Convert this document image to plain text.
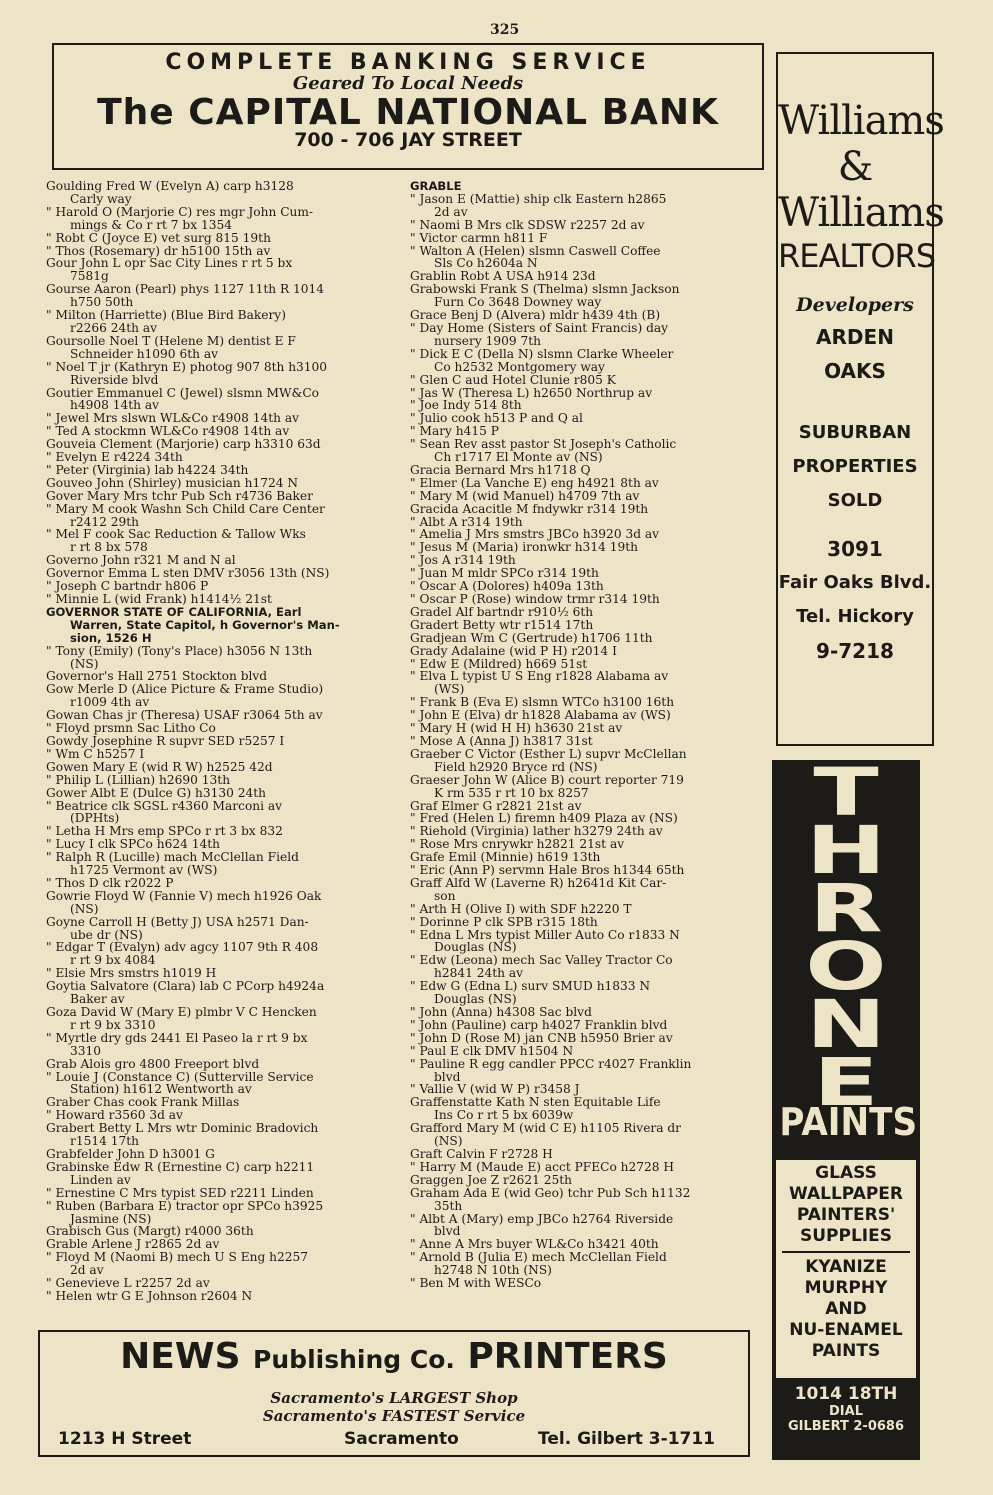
325
COMPLETE BANKING SERVICE
Geared To Local Needs
The CAPITAL NATIONAL BANK
700 - 706 JAY STREET
Goulding Fred W (Evelyn A) carp h3128
Carly way
" Harold O (Marjorie C) res mgr John Cum-
mings & Co r rt 7 bx 1354
" Robt C (Joyce E) vet surg 815 19th
" Thos (Rosemary) dr h5100 15th av
Gour John L opr Sac City Lines r rt 5 bx
7581g
Gourse Aaron (Pearl) phys 1127 11th R 1014
h750 50th
" Milton (Harriette) (Blue Bird Bakery)
r2266 24th av
Goursolle Noel T (Helene M) dentist E F
Schneider h1090 6th av
" Noel T jr (Kathryn E) photog 907 8th h3100
Riverside blvd
Goutier Emmanuel C (Jewel) slsmn MW&Co
h4908 14th av
" Jewel Mrs slswn WL&Co r4908 14th av
" Ted A stockmn WL&Co r4908 14th av
Gouveia Clement (Marjorie) carp h3310 63d
" Evelyn E r4224 34th
" Peter (Virginia) lab h4224 34th
Gouveo John (Shirley) musician h1724 N
Gover Mary Mrs tchr Pub Sch r4736 Baker
" Mary M cook Washn Sch Child Care Center
r2412 29th
" Mel F cook Sac Reduction & Tallow Wks
r rt 8 bx 578
Governo John r321 M and N al
Governor Emma L sten DMV r3056 13th (NS)
" Joseph C bartndr h806 P
" Minnie L (wid Frank) h1414½ 21st
GOVERNOR STATE OF CALIFORNIA, Earl
Warren, State Capitol, h Governor's Man-
sion, 1526 H
" Tony (Emily) (Tony's Place) h3056 N 13th
(NS)
Governor's Hall 2751 Stockton blvd
Gow Merle D (Alice Picture & Frame Studio)
r1009 4th av
Gowan Chas jr (Theresa) USAF r3064 5th av
" Floyd prsmn Sac Litho Co
Gowdy Josephine R supvr SED r5257 I
" Wm C h5257 I
Gowen Mary E (wid R W) h2525 42d
" Philip L (Lillian) h2690 13th
Gower Albt E (Dulce G) h3130 24th
" Beatrice clk SGSL r4360 Marconi av
(DPHts)
" Letha H Mrs emp SPCo r rt 3 bx 832
" Lucy I clk SPCo h624 14th
" Ralph R (Lucille) mach McClellan Field
h1725 Vermont av (WS)
" Thos D clk r2022 P
Gowrie Floyd W (Fannie V) mech h1926 Oak
(NS)
Goyne Carroll H (Betty J) USA h2571 Dan-
ube dr (NS)
" Edgar T (Evalyn) adv agcy 1107 9th R 408
r rt 9 bx 4084
" Elsie Mrs smstrs h1019 H
Goytia Salvatore (Clara) lab C PCorp h4924a
Baker av
Goza David W (Mary E) plmbr V C Hencken
r rt 9 bx 3310
" Myrtle dry gds 2441 El Paseo la r rt 9 bx
3310
Grab Alois gro 4800 Freeport blvd
" Louie J (Constance C) (Sutterville Service
Station) h1612 Wentworth av
Graber Chas cook Frank Millas
" Howard r3560 3d av
Grabert Betty L Mrs wtr Dominic Bradovich
r1514 17th
Grabfelder John D h3001 G
Grabinske Edw R (Ernestine C) carp h2211
Linden av
" Ernestine C Mrs typist SED r2211 Linden
" Ruben (Barbara E) tractor opr SPCo h3925
Jasmine (NS)
Grabisch Gus (Margt) r4000 36th
Grable Arlene J r2865 2d av
" Floyd M (Naomi B) mech U S Eng h2257
2d av
" Genevieve L r2257 2d av
" Helen wtr G E Johnson r2604 N
GRABLE
" Jason E (Mattie) ship clk Eastern h2865
2d av
" Naomi B Mrs clk SDSW r2257 2d av
" Victor carmn h811 F
" Walton A (Helen) slsmn Caswell Coffee
Sls Co h2604a N
Grablin Robt A USA h914 23d
Grabowski Frank S (Thelma) slsmn Jackson
Furn Co 3648 Downey way
Grace Benj D (Alvera) mldr h439 4th (B)
" Day Home (Sisters of Saint Francis) day
nursery 1909 7th
" Dick E C (Della N) slsmn Clarke Wheeler
Co h2532 Montgomery way
" Glen C aud Hotel Clunie r805 K
" Jas W (Theresa L) h2650 Northrup av
" Joe Indy 514 8th
" Julio cook h513 P and Q al
" Mary h415 P
" Sean Rev asst pastor St Joseph's Catholic
Ch r1717 El Monte av (NS)
Gracia Bernard Mrs h1718 Q
" Elmer (La Vanche E) eng h4921 8th av
" Mary M (wid Manuel) h4709 7th av
Gracida Acacitle M fndywkr r314 19th
" Albt A r314 19th
" Amelia J Mrs smstrs JBCo h3920 3d av
" Jesus M (Maria) ironwkr h314 19th
" Jos A r314 19th
" Juan M mldr SPCo r314 19th
" Oscar A (Dolores) h409a 13th
" Oscar P (Rose) window trmr r314 19th
Gradel Alf bartndr r910½ 6th
Gradert Betty wtr r1514 17th
Gradjean Wm C (Gertrude) h1706 11th
Grady Adalaine (wid P H) r2014 I
" Edw E (Mildred) h669 51st
" Elva L typist U S Eng r1828 Alabama av
(WS)
" Frank B (Eva E) slsmn WTCo h3100 16th
" John E (Elva) dr h1828 Alabama av (WS)
" Mary H (wid H H) h3630 21st av
" Mose A (Anna J) h3817 31st
Graeber C Victor (Esther L) supvr McClellan
Field h2920 Bryce rd (NS)
Graeser John W (Alice B) court reporter 719
K rm 535 r rt 10 bx 8257
Graf Elmer G r2821 21st av
" Fred (Helen L) firemn h409 Plaza av (NS)
" Riehold (Virginia) lather h3279 24th av
" Rose Mrs cnrywkr h2821 21st av
Grafe Emil (Minnie) h619 13th
" Eric (Ann P) servmn Hale Bros h1344 65th
Graff Alfd W (Laverne R) h2641d Kit Car-
son
" Arth H (Olive I) with SDF h2220 T
" Dorinne P clk SPB r315 18th
" Edna L Mrs typist Miller Auto Co r1833 N
Douglas (NS)
" Edw (Leona) mech Sac Valley Tractor Co
h2841 24th av
" Edw G (Edna L) surv SMUD h1833 N
Douglas (NS)
" John (Anna) h4308 Sac blvd
" John (Pauline) carp h4027 Franklin blvd
" John D (Rose M) jan CNB h5950 Brier av
" Paul E clk DMV h1504 N
" Pauline R egg candler PPCC r4027 Franklin
blvd
" Vallie V (wid W P) r3458 J
Graffenstatte Kath N sten Equitable Life
Ins Co r rt 5 bx 6039w
Grafford Mary M (wid C E) h1105 Rivera dr
(NS)
Graft Calvin F r2728 H
" Harry M (Maude E) acct PFECo h2728 H
Graggen Joe Z r2621 25th
Graham Ada E (wid Geo) tchr Pub Sch h1132
35th
" Albt A (Mary) emp JBCo h2764 Riverside
blvd
" Anne A Mrs buyer WL&Co h3421 40th
" Arnold B (Julia E) mech McClellan Field
h2748 N 10th (NS)
" Ben M with WESCo
NEWS Publishing Co. PRINTERS
Sacramento's LARGEST Shop
Sacramento's FASTEST Service
1213 H Street	Sacramento	Tel. Gilbert 3-1711
Williams
&
Williams
REALTORS
Developers
ARDEN
OAKS
SUBURBAN
PROPERTIES
SOLD
3091
Fair Oaks Blvd.
Tel. Hickory
9-7218
T
H
R
O
N
E
PAINTS
GLASS
WALLPAPER
PAINTERS'
SUPPLIES
KYANIZE
MURPHY
AND
NU-ENAMEL
PAINTS
1014 18TH
DIAL
GILBERT 2-0686
